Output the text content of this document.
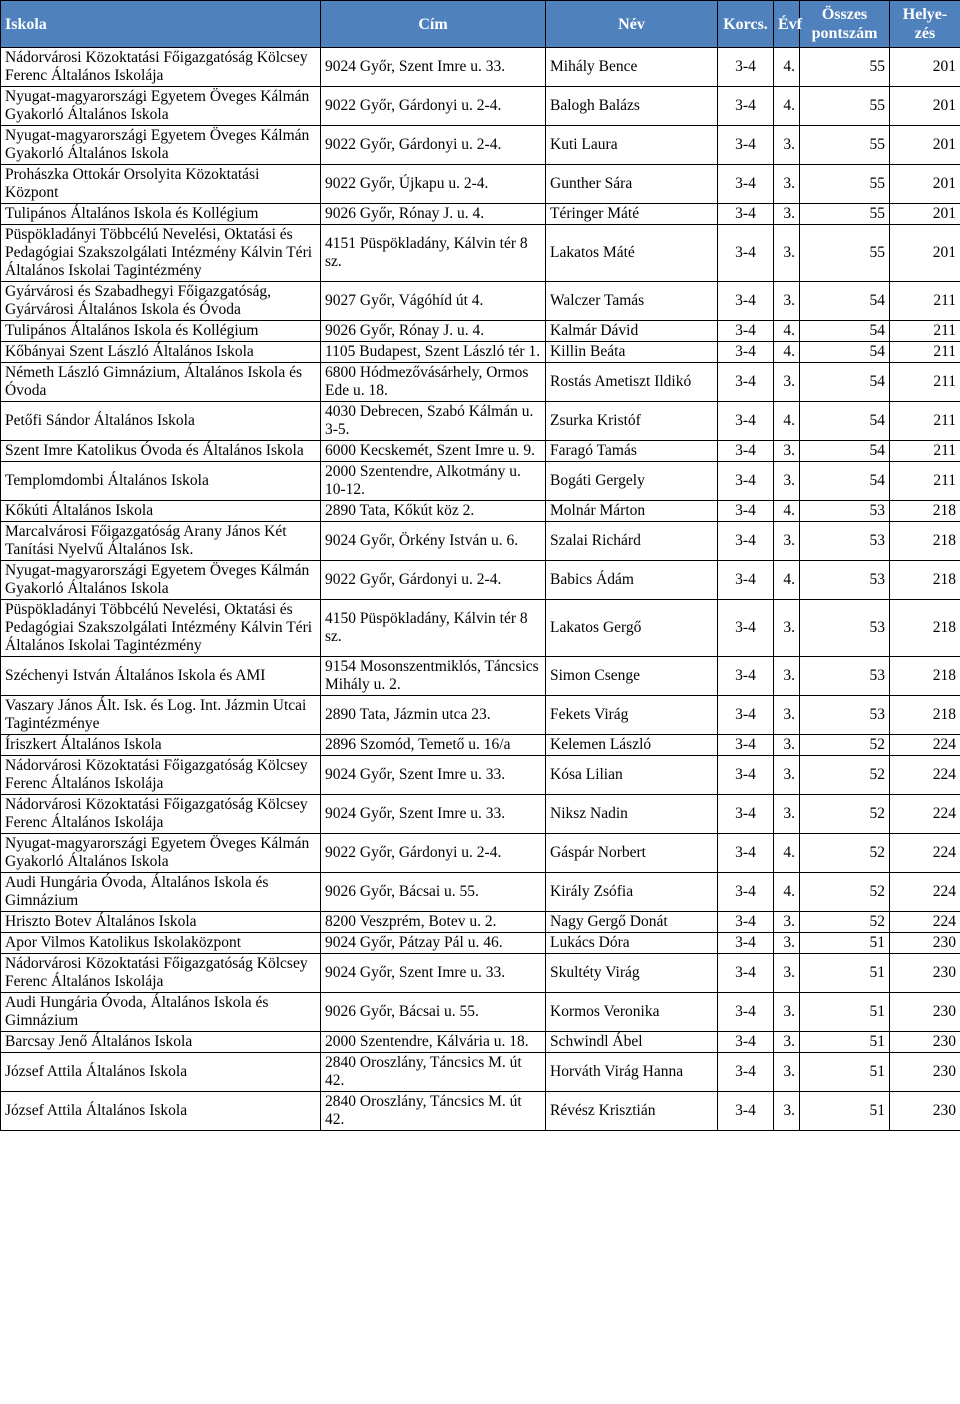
Iskola	Cím	Név	Korcs.	Évf	Összes pontszám	Helye-zés
Nádorvárosi Közoktatási Főigazgatóság Kölcsey Ferenc Általános Iskolája	9024 Győr, Szent Imre u. 33.	Mihály Bence	3-4	4.	55	201
Nyugat-magyarországi Egyetem Öveges Kálmán Gyakorló Általános Iskola	9022 Győr, Gárdonyi u. 2-4.	Balogh Balázs	3-4	4.	55	201
Nyugat-magyarországi Egyetem Öveges Kálmán Gyakorló Általános Iskola	9022 Győr, Gárdonyi u. 2-4.	Kuti Laura	3-4	3.	55	201
Prohászka Ottokár Orsolyita Közoktatási Központ	9022 Győr, Újkapu u. 2-4.	Gunther Sára	3-4	3.	55	201
Tulipános Általános Iskola és Kollégium	9026 Győr, Rónay J. u. 4.	Téringer Máté	3-4	3.	55	201
Püspökladányi Többcélú Nevelési, Oktatási és Pedagógiai Szakszolgálati Intézmény Kálvin Téri Általános Iskolai Tagintézmény	4151 Püspökladány, Kálvin tér 8 sz.	Lakatos Máté	3-4	3.	55	201
Gyárvárosi és Szabadhegyi Főigazgatóság, Gyárvárosi Általános Iskola és Óvoda	9027 Győr, Vágóhíd út 4.	Walczer Tamás	3-4	3.	54	211
Tulipános Általános Iskola és Kollégium	9026 Győr, Rónay J. u. 4.	Kalmár Dávid	3-4	4.	54	211
Kőbányai Szent László Általános Iskola	1105 Budapest, Szent László tér 1.	Killin Beáta	3-4	4.	54	211
Németh László Gimnázium, Általános Iskola és Óvoda	6800 Hódmezővásárhely, Ormos Ede u. 18.	Rostás Ametiszt Ildikó	3-4	3.	54	211
Petőfi Sándor Általános Iskola	4030 Debrecen, Szabó Kálmán u. 3-5.	Zsurka Kristóf	3-4	4.	54	211
Szent Imre Katolikus Óvoda és Általános Iskola	6000 Kecskemét, Szent Imre u. 9.	Faragó Tamás	3-4	3.	54	211
Templomdombi Általános Iskola	2000 Szentendre, Alkotmány u. 10-12.	Bogáti Gergely	3-4	3.	54	211
Kőkúti Általános Iskola	2890 Tata, Kőkút köz 2.	Molnár Márton	3-4	4.	53	218
Marcalvárosi Főigazgatóság Arany János Két Tanítási Nyelvű Általános Isk.	9024 Győr, Örkény István u. 6.	Szalai Richárd	3-4	3.	53	218
Nyugat-magyarországi Egyetem Öveges Kálmán Gyakorló Általános Iskola	9022 Győr, Gárdonyi u. 2-4.	Babics Ádám	3-4	4.	53	218
Püspökladányi Többcélú Nevelési, Oktatási és Pedagógiai Szakszolgálati Intézmény Kálvin Téri Általános Iskolai Tagintézmény	4150 Püspökladány, Kálvin tér 8 sz.	Lakatos Gergő	3-4	3.	53	218
Széchenyi István Általános Iskola és AMI	9154 Mosonszentmiklós, Táncsics Mihály u. 2.	Simon Csenge	3-4	3.	53	218
Vaszary János Ált. Isk. és Log. Int. Jázmin Utcai Tagintézménye	2890 Tata, Jázmin utca 23.	Fekets Virág	3-4	3.	53	218
Íriszkert Általános Iskola	2896 Szomód, Temető u. 16/a	Kelemen László	3-4	3.	52	224
Nádorvárosi Közoktatási Főigazgatóság Kölcsey Ferenc Általános Iskolája	9024 Győr, Szent Imre u. 33.	Kósa Lilian	3-4	3.	52	224
Nádorvárosi Közoktatási Főigazgatóság Kölcsey Ferenc Általános Iskolája	9024 Győr, Szent Imre u. 33.	Niksz Nadin	3-4	3.	52	224
Nyugat-magyarországi Egyetem Öveges Kálmán Gyakorló Általános Iskola	9022 Győr, Gárdonyi u. 2-4.	Gáspár Norbert	3-4	4.	52	224
Audi Hungária Óvoda, Általános Iskola és Gimnázium	9026 Győr, Bácsai u. 55.	Király Zsófia	3-4	4.	52	224
Hriszto Botev Általános Iskola	8200 Veszprém, Botev u. 2.	Nagy Gergő Donát	3-4	3.	52	224
Apor Vilmos Katolikus Iskolaközpont	9024 Győr, Pátzay Pál u. 46.	Lukács Dóra	3-4	3.	51	230
Nádorvárosi Közoktatási Főigazgatóság Kölcsey Ferenc Általános Iskolája	9024 Győr, Szent Imre u. 33.	Skultéty Virág	3-4	3.	51	230
Audi Hungária Óvoda, Általános Iskola és Gimnázium	9026 Győr, Bácsai u. 55.	Kormos Veronika	3-4	3.	51	230
Barcsay Jenő Általános Iskola	2000 Szentendre, Kálvária u. 18.	Schwindl Ábel	3-4	3.	51	230
József Attila Általános Iskola	2840 Oroszlány, Táncsics M. út 42.	Horváth Virág Hanna	3-4	3.	51	230
József Attila Általános Iskola	2840 Oroszlány, Táncsics M. út 42.	Révész Krisztián	3-4	3.	51	230
